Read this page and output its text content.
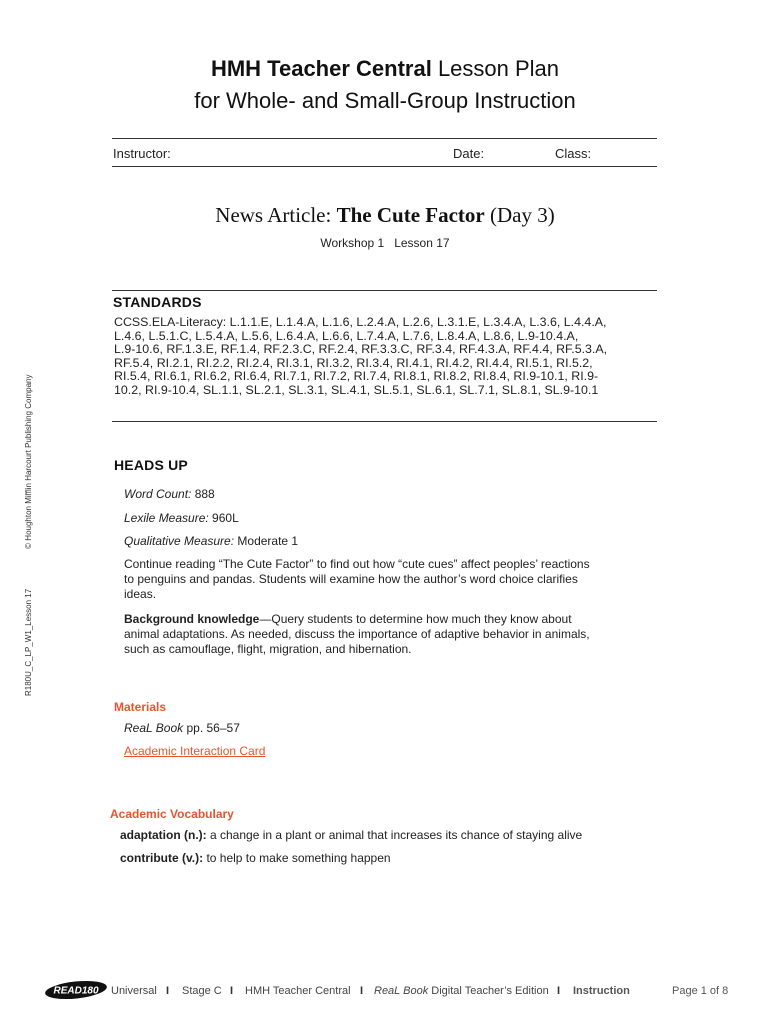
HMH Teacher Central Lesson Plan
for Whole- and Small-Group Instruction
Instructor:	Date:	Class:
News Article: The Cute Factor (Day 3)
Workshop 1 Lesson 17
STANDARDS
CCSS.ELA-Literacy: L.1.1.E, L.1.4.A, L.1.6, L.2.4.A, L.2.6, L.3.1.E, L.3.4.A, L.3.6, L.4.4.A,
L.4.6, L.5.1.C, L.5.4.A, L.5.6, L.6.4.A, L.6.6, L.7.4.A, L.7.6, L.8.4.A, L.8.6, L.9-10.4.A,
L.9-10.6, RF.1.3.E, RF.1.4, RF.2.3.C, RF.2.4, RF.3.3.C, RF.3.4, RF.4.3.A, RF.4.4, RF.5.3.A,
RF.5.4, RI.2.1, RI.2.2, RI.2.4, RI.3.1, RI.3.2, RI.3.4, RI.4.1, RI.4.2, RI.4.4, RI.5.1, RI.5.2,
RI.5.4, RI.6.1, RI.6.2, RI.6.4, RI.7.1, RI.7.2, RI.7.4, RI.8.1, RI.8.2, RI.8.4, RI.9-10.1, RI.9-
10.2, RI.9-10.4, SL.1.1, SL.2.1, SL.3.1, SL.4.1, SL.5.1, SL.6.1, SL.7.1, SL.8.1, SL.9-10.1
HEADS UP
Word Count: 888
Lexile Measure: 960L
Qualitative Measure: Moderate 1
Continue reading “The Cute Factor” to find out how “cute cues” affect peoples’ reactions
to penguins and pandas. Students will examine how the author’s word choice clarifies
ideas.
Background knowledge—Query students to determine how much they know about
animal adaptations. As needed, discuss the importance of adaptive behavior in animals,
such as camouflage, flight, migration, and hibernation.
Materials
ReaL Book pp. 56–57
Academic Interaction Card
Academic Vocabulary
adaptation (n.): a change in a plant or animal that increases its chance of staying alive
contribute (v.): to help to make something happen
R180U_C_LP_W1_Lesson 17© Houghton Mifflin Harcourt Publishing Company
READ180 Universal I Stage C I HMH Teacher Central I ReaL Book Digital Teacher’s Edition I Instruction	Page 1 of 8
